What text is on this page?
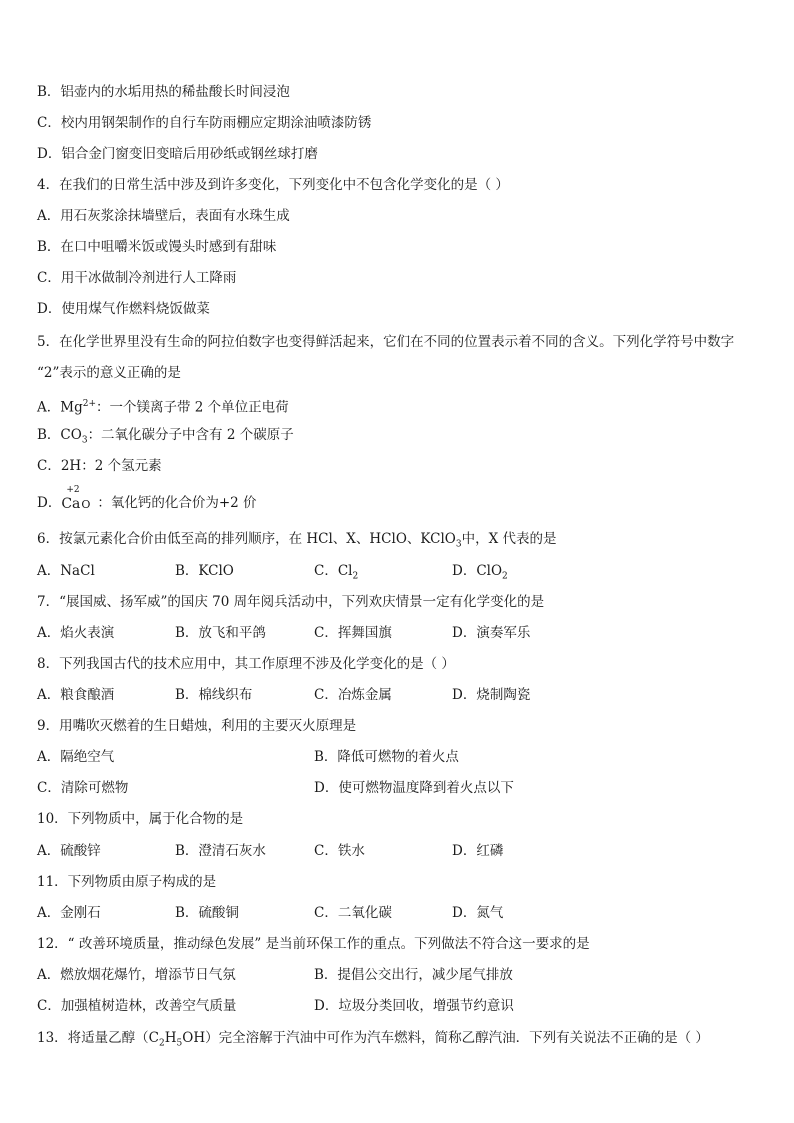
B．铝壶内的水垢用热的稀盐酸长时间浸泡
C．校内用钢架制作的自行车防雨棚应定期涂油喷漆防锈
D．铝合金门窗变旧变暗后用砂纸或钢丝球打磨
4．在我们的日常生活中涉及到许多变化，下列变化中不包含化学变化的是（ ）
A．用石灰浆涂抹墙壁后，表面有水珠生成
B．在口中咀嚼米饭或馒头时感到有甜味
C．用干冰做制冷剂进行人工降雨
D．使用煤气作燃料烧饭做菜
5．在化学世界里没有生命的阿拉伯数字也变得鲜活起来，它们在不同的位置表示着不同的含义。下列化学符号中数字
“2”表示的意义正确的是
A．$Mg^{2+}$：一个镁离子带 2 个单位正电荷
B．$CO_3$：二氧化碳分子中含有 2 个碳原子
C．2H：2 个氢元素
D．
+2
Ca O ：氧化钙的化合价为+2 价
6．按氯元素化合价由低至高的排列顺序，在 HCl、X、HClO、KClO$_3$中，X 代表的是
A．NaCl	B．KClO	C．$Cl_2$	D．ClO$_2$
7．“展国威、扬军威”的国庆 70 周年阅兵活动中，下列欢庆情景一定有化学变化的是
A．焰火表演	B．放飞和平鸽	C．挥舞国旗	D．演奏军乐
8．下列我国古代的技术应用中，其工作原理不涉及化学变化的是（ ）
A．粮食酿酒	B．棉线织布	C．冶炼金属	D．烧制陶瓷
9．用嘴吹灭燃着的生日蜡烛，利用的主要灭火原理是
A．隔绝空气	B．降低可燃物的着火点
C．清除可燃物	D．使可燃物温度降到着火点以下
10．下列物质中，属于化合物的是
A．硫酸锌	B．澄清石灰水	C．铁水	D．红磷
11．下列物质由原子构成的是
A．金刚石	B．硫酸铜	C．二氧化碳	D．氮气
12．“ 改善环境质量，推动绿色发展” 是当前环保工作的重点。下列做法不符合这一要求的是
A．燃放烟花爆竹，增添节日气氛	B．提倡公交出行，减少尾气排放
C．加强植树造林，改善空气质量	D．垃圾分类回收，增强节约意识
13．将适量乙醇$(C_2H_5OH)$完全溶解于汽油中可作为汽车燃料，简称乙醇汽油．下列有关说法不正确的是（ ）
